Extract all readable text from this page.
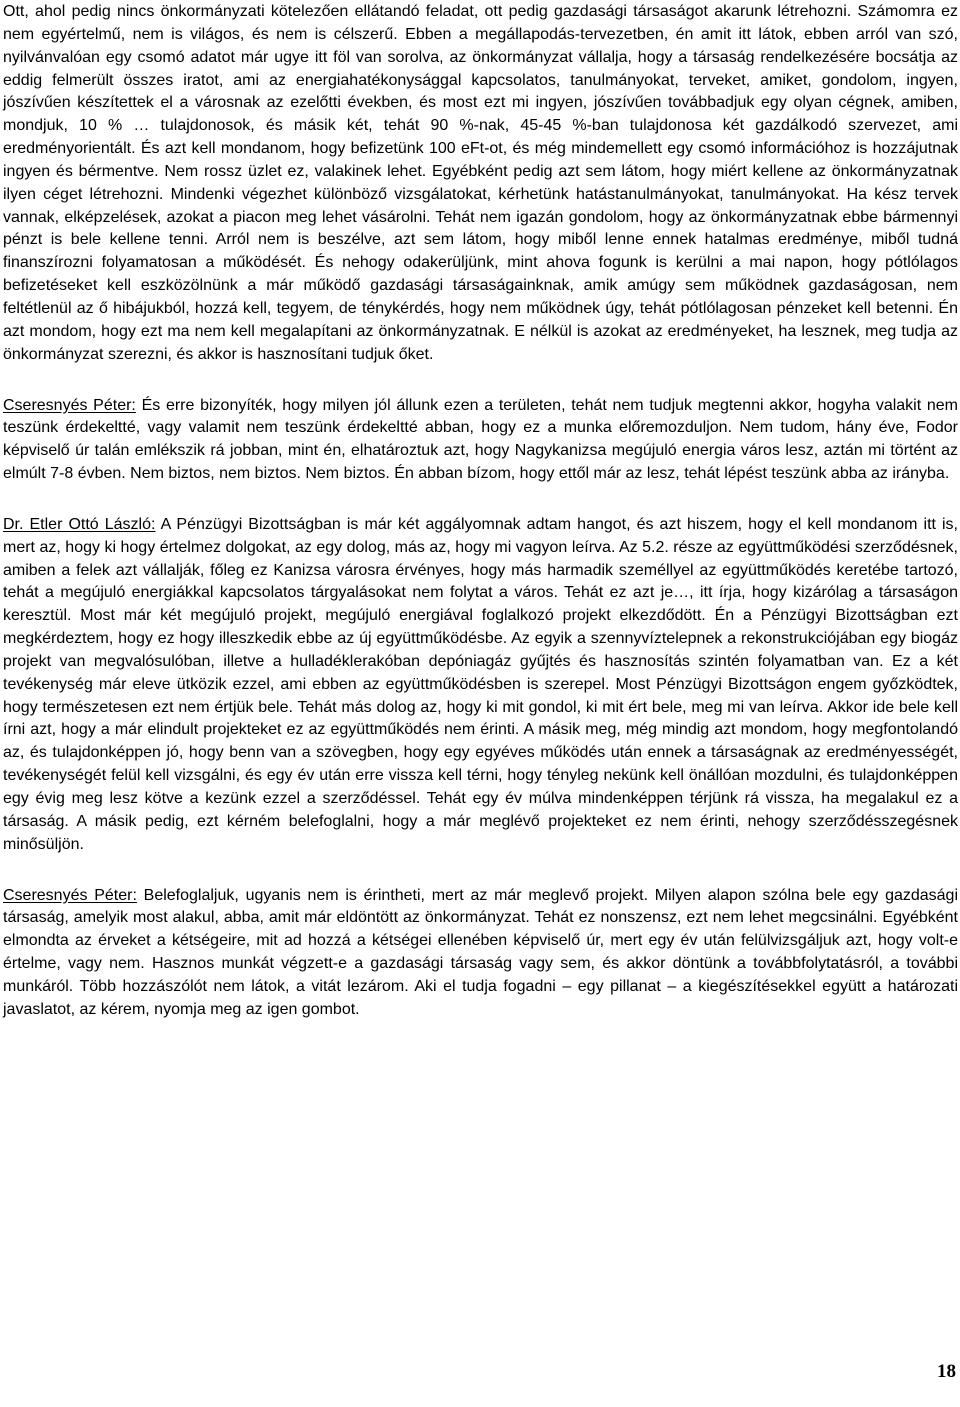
Ott, ahol pedig nincs önkormányzati kötelezően ellátandó feladat, ott pedig gazdasági társaságot akarunk létrehozni. Számomra ez nem egyértelmű, nem is világos, és nem is célszerű. Ebben a megállapodás-tervezetben, én amit itt látok, ebben arról van szó, nyilvánvalóan egy csomó adatot már ugye itt föl van sorolva, az önkormányzat vállalja, hogy a társaság rendelkezésére bocsátja az eddig felmerült összes iratot, ami az energiahatékonysággal kapcsolatos, tanulmányokat, terveket, amiket, gondolom, ingyen, jószívűen készítettek el a városnak az ezelőtti években, és most ezt mi ingyen, jószívűen továbbadjuk egy olyan cégnek, amiben, mondjuk, 10 % … tulajdonosok, és másik két, tehát 90 %-nak, 45-45 %-ban tulajdonosa két gazdálkodó szervezet, ami eredményorientált. És azt kell mondanom, hogy befizetünk 100 eFt-ot, és még mindemellett egy csomó információhoz is hozzájutnak ingyen és bérmentve. Nem rossz üzlet ez, valakinek lehet. Egyébként pedig azt sem látom, hogy miért kellene az önkormányzatnak ilyen céget létrehozni. Mindenki végezhet különböző vizsgálatokat, kérhetünk hatástanulmányokat, tanulmányokat. Ha kész tervek vannak, elképzelések, azokat a piacon meg lehet vásárolni. Tehát nem igazán gondolom, hogy az önkormányzatnak ebbe bármennyi pénzt is bele kellene tenni. Arról nem is beszélve, azt sem látom, hogy miből lenne ennek hatalmas eredménye, miből tudná finanszírozni folyamatosan a működését. És nehogy odakerüljünk, mint ahova fogunk is kerülni a mai napon, hogy pótlólagos befizetéseket kell eszközölnünk a már működő gazdasági társaságainknak, amik amúgy sem működnek gazdaságosan, nem feltétlenül az ő hibájukból, hozzá kell, tegyem, de ténykérdés, hogy nem működnek úgy, tehát pótlólagosan pénzeket kell betenni. Én azt mondom, hogy ezt ma nem kell megalapítani az önkormányzatnak. E nélkül is azokat az eredményeket, ha lesznek, meg tudja az önkormányzat szerezni, és akkor is hasznosítani tudjuk őket.

Cseresnyés Péter: És erre bizonyíték, hogy milyen jól állunk ezen a területen, tehát nem tudjuk megtenni akkor, hogyha valakit nem teszünk érdekeltté, vagy valamit nem teszünk érdekeltté abban, hogy ez a munka előremozduljon. Nem tudom, hány éve, Fodor képviselő úr talán emlékszik rá jobban, mint én, elhatároztuk azt, hogy Nagykanizsa megújuló energia város lesz, aztán mi történt az elmúlt 7-8 évben. Nem biztos, nem biztos. Nem biztos. Én abban bízom, hogy ettől már az lesz, tehát lépést teszünk abba az irányba.

Dr. Etler Ottó László: A Pénzügyi Bizottságban is már két aggályomnak adtam hangot, és azt hiszem, hogy el kell mondanom itt is, mert az, hogy ki hogy értelmez dolgokat, az egy dolog, más az, hogy mi vagyon leírva. Az 5.2. része az együttműködési szerződésnek, amiben a felek azt vállalják, főleg ez Kanizsa városra érvényes, hogy más harmadik személlyel az együttműködés keretébe tartozó, tehát a megújuló energiákkal kapcsolatos tárgyalásokat nem folytat a város. Tehát ez azt je…, itt írja, hogy kizárólag a társaságon keresztül. Most már két megújuló projekt, megújuló energiával foglalkozó projekt elkezdődött. Én a Pénzügyi Bizottságban ezt megkérdeztem, hogy ez hogy illeszkedik ebbe az új együttműködésbe. Az egyik a szennyvíztelepnek a rekonstrukciójában egy biogáz projekt van megvalósulóban, illetve a hulladéklerakóban depóniagáz gyűjtés és hasznosítás szintén folyamatban van. Ez a két tevékenység már eleve ütközik ezzel, ami ebben az együttműködésben is szerepel. Most Pénzügyi Bizottságon engem győzködtek, hogy természetesen ezt nem értjük bele. Tehát más dolog az, hogy ki mit gondol, ki mit ért bele, meg mi van leírva. Akkor ide bele kell írni azt, hogy a már elindult projekteket ez az együttműködés nem érinti. A másik meg, még mindig azt mondom, hogy megfontolandó az, és tulajdonképpen jó, hogy benn van a szövegben, hogy egy egyéves működés után ennek a társaságnak az eredményességét, tevékenységét felül kell vizsgálni, és egy év után erre vissza kell térni, hogy tényleg nekünk kell önállóan mozdulni, és tulajdonképpen egy évig meg lesz kötve a kezünk ezzel a szerződéssel. Tehát egy év múlva mindenképpen térjünk rá vissza, ha megalakul ez a társaság. A másik pedig, ezt kérném belefoglalni, hogy a már meglévő projekteket ez nem érinti, nehogy szerződésszegésnek minősüljön.

Cseresnyés Péter: Belefoglaljuk, ugyanis nem is érintheti, mert az már meglevő projekt. Milyen alapon szólna bele egy gazdasági társaság, amelyik most alakul, abba, amit már eldöntött az önkormányzat. Tehát ez nonszensz, ezt nem lehet megcsinálni. Egyébként elmondta az érveket a kétségeire, mit ad hozzá a kétségei ellenében képviselő úr, mert egy év után felülvizsgáljuk azt, hogy volt-e értelme, vagy nem. Hasznos munkát végzett-e a gazdasági társaság vagy sem, és akkor döntünk a továbbfolytatásról, a további munkáról. Több hozzászólót nem látok, a vitát lezárom. Aki el tudja fogadni – egy pillanat – a kiegészítésekkel együtt a határozati javaslatot, az kérem, nyomja meg az igen gombot.

18
